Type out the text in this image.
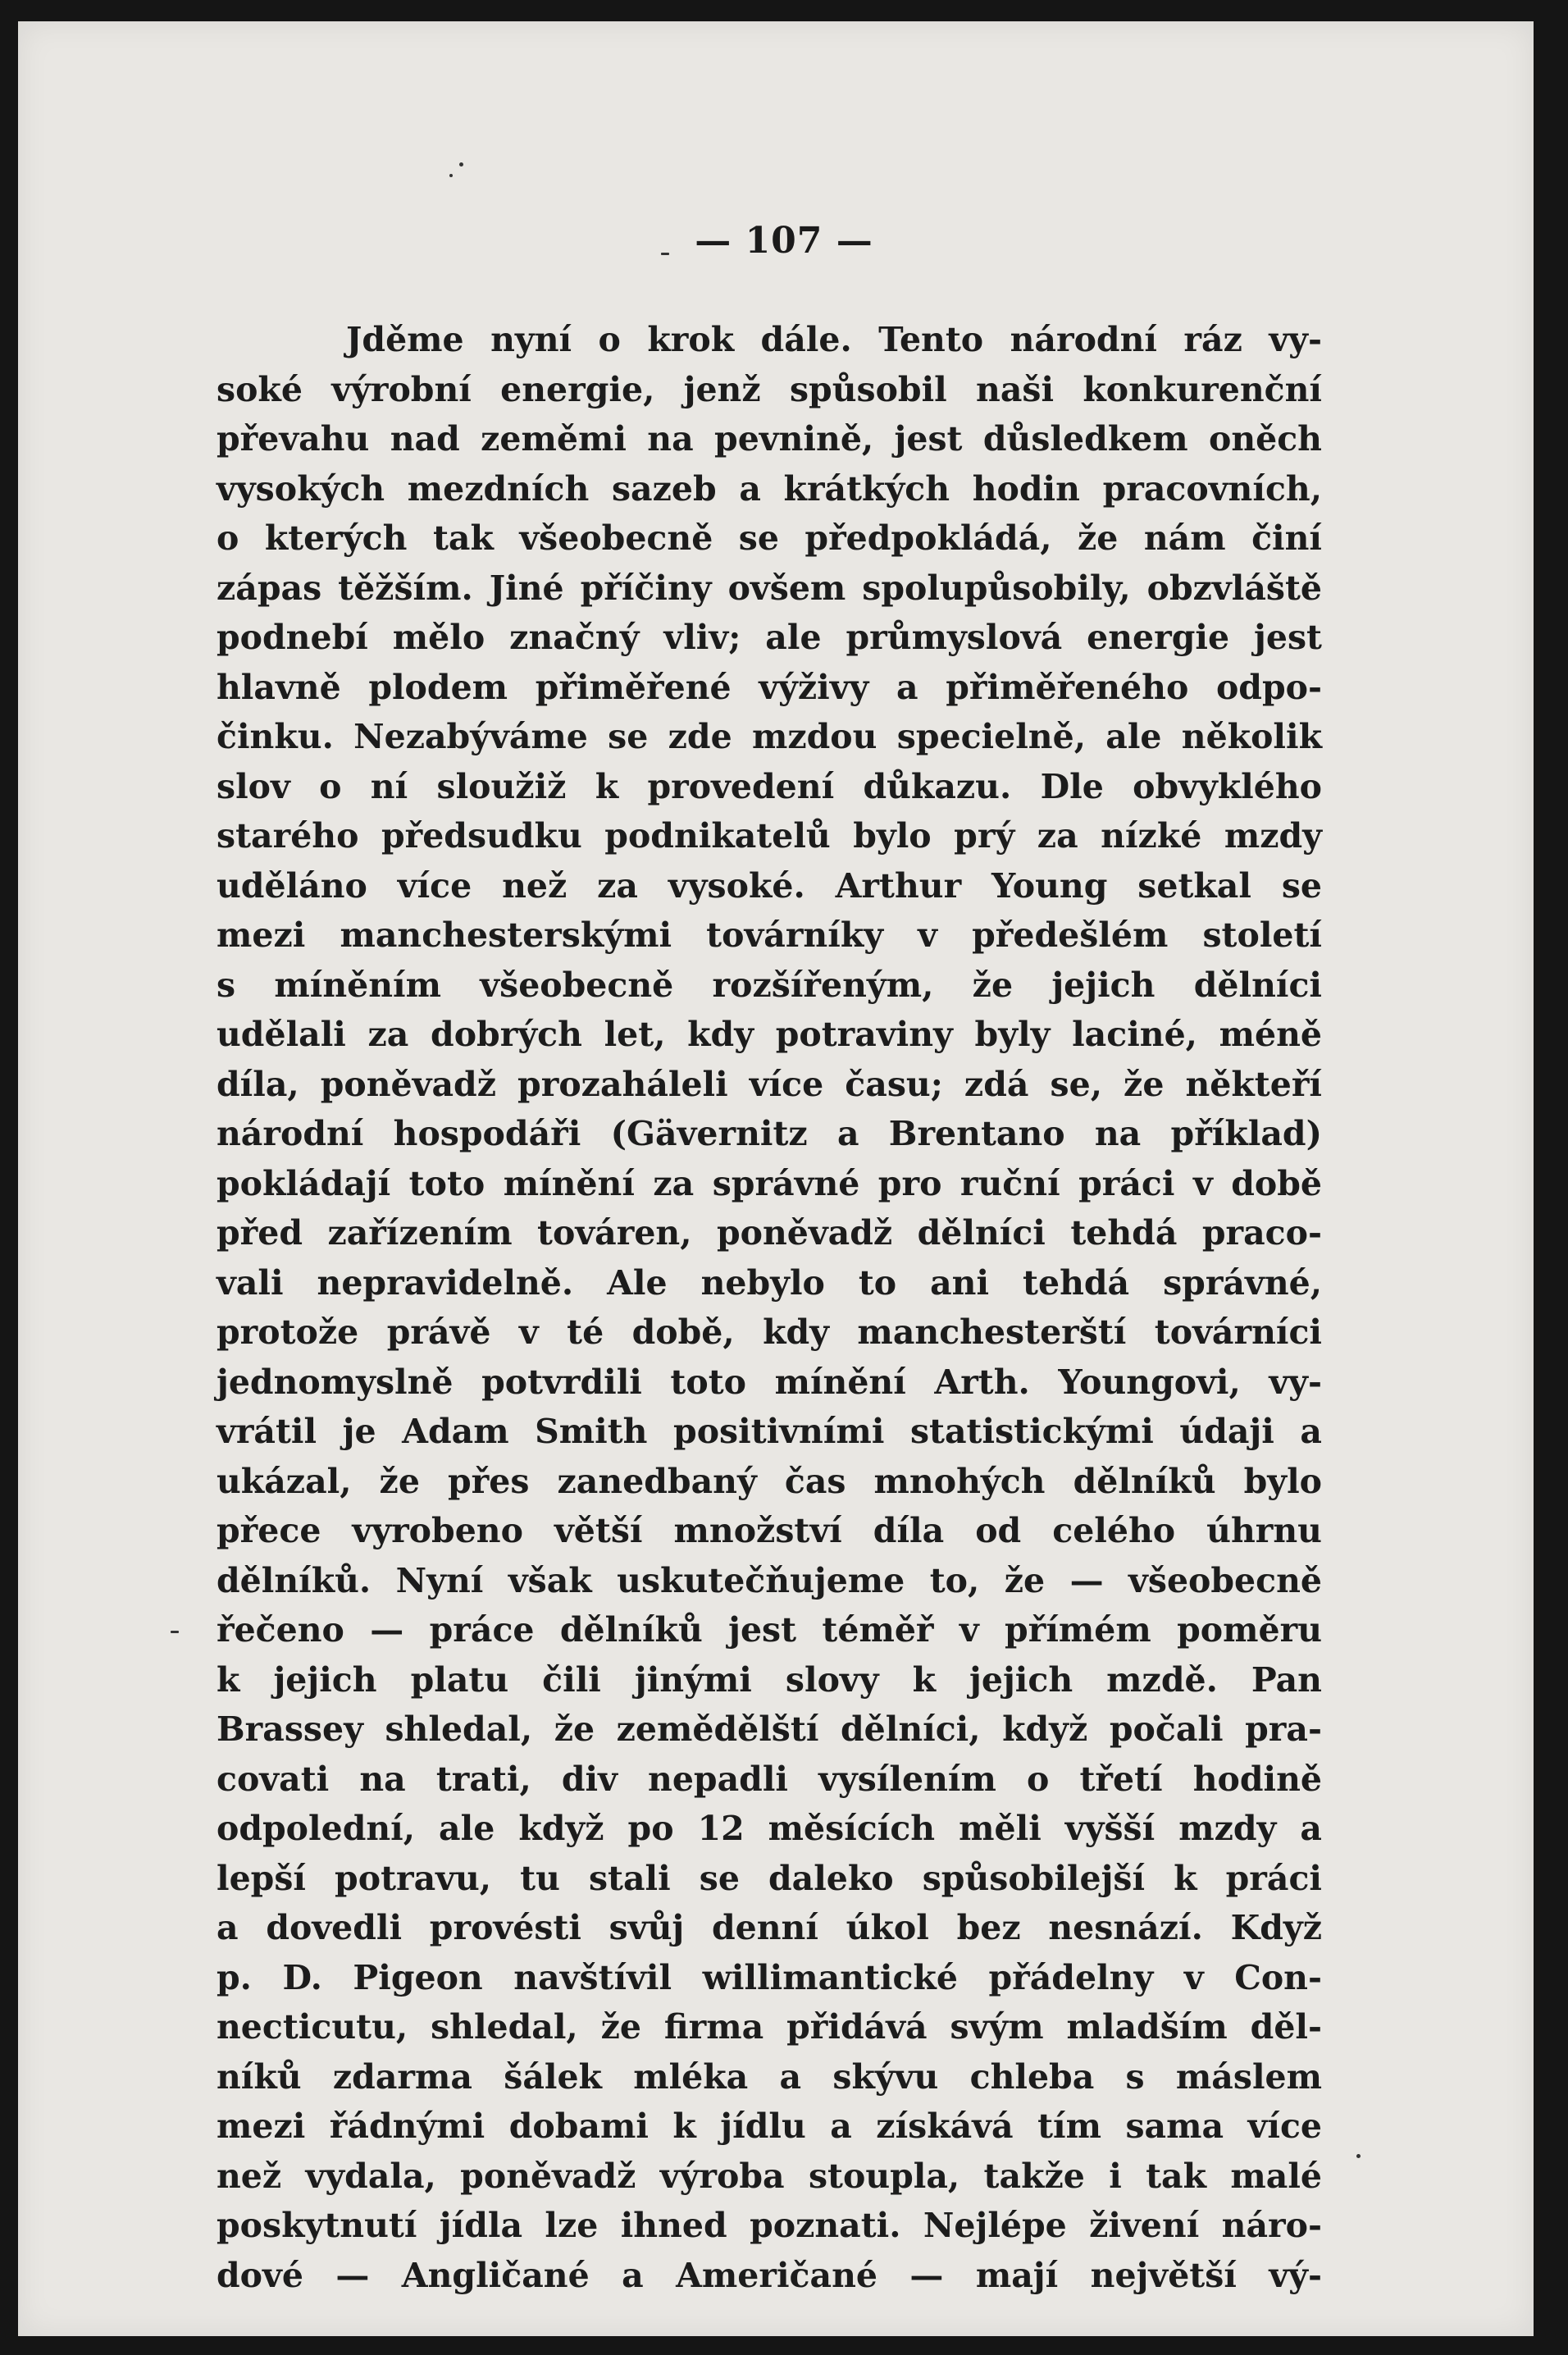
— 107 —
Jděme nyní o krok dále. Tento národní ráz vy-
soké výrobní energie, jenž spůsobil naši konkurenční
převahu nad zeměmi na pevnině, jest důsledkem oněch
vysokých mezdních sazeb a krátkých hodin pracovních,
o kterých tak všeobecně se předpokládá, že nám činí
zápas těžším. Jiné příčiny ovšem spolupůsobily, obzvláště
podnebí mělo značný vliv; ale průmyslová energie jest
hlavně plodem přiměřené výživy a přiměřeného odpo-
činku. Nezabýváme se zde mzdou specielně, ale několik
slov o ní sloužiž k provedení důkazu. Dle obvyklého
starého předsudku podnikatelů bylo prý za nízké mzdy
uděláno více než za vysoké. Arthur Young setkal se
mezi manchesterskými továrníky v předešlém století
s míněním všeobecně rozšířeným, že jejich dělníci
udělali za dobrých let, kdy potraviny byly laciné, méně
díla, poněvadž prozaháleli více času; zdá se, že někteří
národní hospodáři (Gävernitz a Brentano na příklad)
pokládají toto mínění za správné pro ruční práci v době
před zařízením továren, poněvadž dělníci tehdá praco-
vali nepravidelně. Ale nebylo to ani tehdá správné,
protože právě v té době, kdy manchesterští továrníci
jednomyslně potvrdili toto mínění Arth. Youngovi, vy-
vrátil je Adam Smith positivními statistickými údaji a
ukázal, že přes zanedbaný čas mnohých dělníků bylo
přece vyrobeno větší množství díla od celého úhrnu
dělníků. Nyní však uskutečňujeme to, že — všeobecně
řečeno — práce dělníků jest téměř v přímém poměru
k jejich platu čili jinými slovy k jejich mzdě. Pan
Brassey shledal, že zemědělští dělníci, když počali pra-
covati na trati, div nepadli vysílením o třetí hodině
odpolední, ale když po 12 měsících měli vyšší mzdy a
lepší potravu, tu stali se daleko spůsobilejší k práci
a dovedli provésti svůj denní úkol bez nesnází. Když
p. D. Pigeon navštívil willimantické přádelny v Con-
necticutu, shledal, že firma přidává svým mladším děl-
níků zdarma šálek mléka a skývu chleba s máslem
mezi řádnými dobami k jídlu a získává tím sama více
než vydala, poněvadž výroba stoupla, takže i tak malé
poskytnutí jídla lze ihned poznati. Nejlépe živení náro-
dové — Angličané a Američané — mají největší vý-
